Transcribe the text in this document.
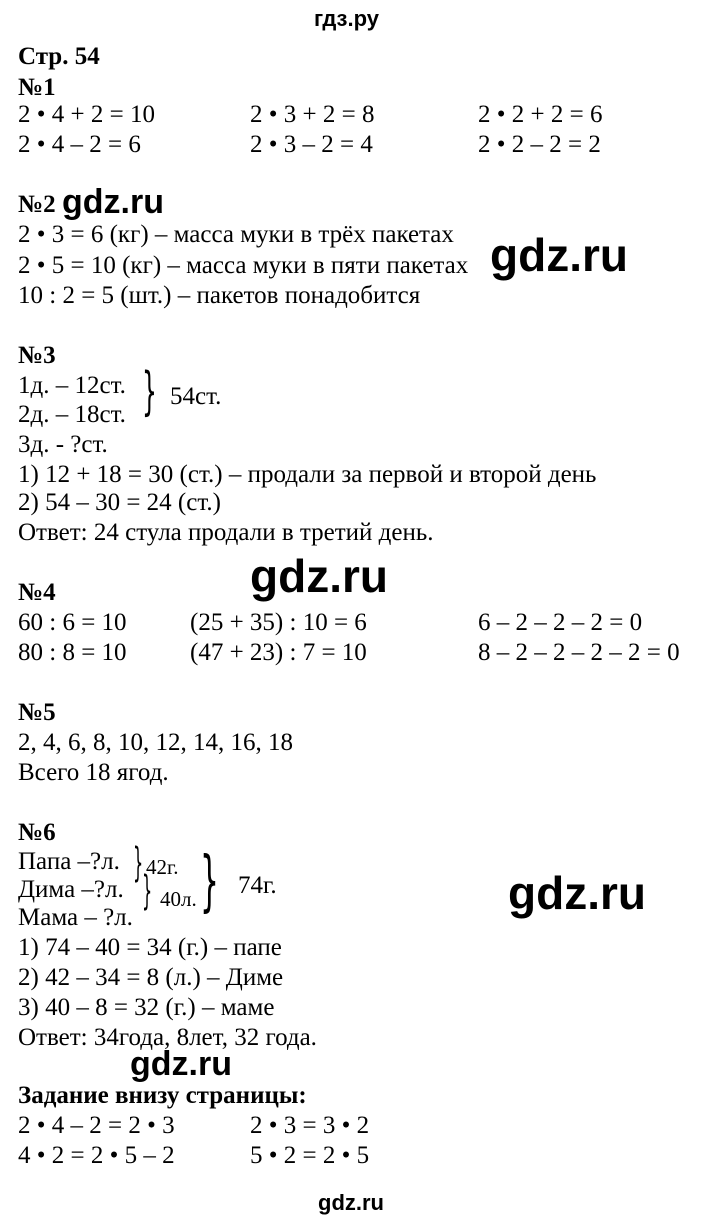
гдз.ру
Стр. 54
№1
2 • 4 + 2 = 10	2 • 3 + 2 = 8	2 • 2 + 2 = 6
2 • 4 – 2 = 6	2 • 3 – 2 = 4	2 • 2 – 2 = 2
№2 gdz.ru
2 • 3 = 6 (кг) – масса муки в трёх пакетах
2 • 5 = 10 (кг) – масса муки в пяти пакетах gdz.ru
10 : 2 = 5 (шт.) – пакетов понадобится
№3
1д. – 12ст.
2д. – 18ст. } 54ст.
3д. - ?ст.
1) 12 + 18 = 30 (ст.) – продали за первой и второй день
2) 54 – 30 = 24 (ст.)
Ответ: 24 стула продали в третий день.
gdz.ru
№4
60 : 6 = 10	(25 + 35) : 10 = 6	6 – 2 – 2 – 2 = 0
80 : 8 = 10	(47 + 23) : 7 = 10	8 – 2 – 2 – 2 – 2 = 0
№5
2, 4, 6, 8, 10, 12, 14, 16, 18
Всего 18 ягод.
№6
Папа –?л.
Дима –?л.
Мама – ?л.
} 42г.
} 40л. } 74г.	gdz.ru
1) 74 – 40 = 34 (г.) – папе
2) 42 – 34 = 8 (л.) – Диме
3) 40 – 8 = 32 (г.) – маме
Ответ: 34года, 8лет, 32 года.
gdz.ru
Задание внизу страницы:
2 • 4 – 2 = 2 • 3	2 • 3 = 3 • 2
4 • 2 = 2 • 5 – 2	5 • 2 = 2 • 5
gdz.ru
